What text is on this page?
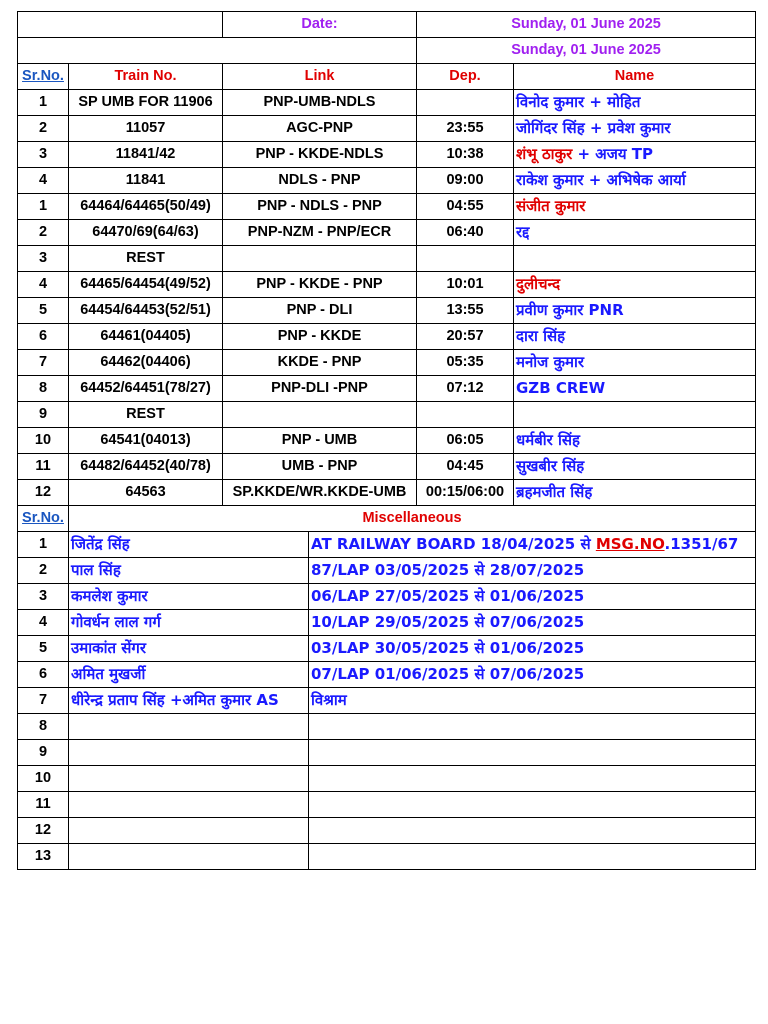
		Date:	Sunday, 01 June 2025	
			Sunday, 01 June 2025	
Sr.No.	Train No.	Link	Dep.	Name
1	SP UMB FOR 11906	PNP-UMB-NDLS		विनोद कुमार + मोहित
2	11057	AGC-PNP	23:55	जोगिंदर सिंह + प्रवेश कुमार
3	11841/42	PNP - KKDE-NDLS	10:38	शंभू ठाकुर + अजय TP
4	11841	NDLS - PNP	09:00	राकेश कुमार + अभिषेक आर्या
1	64464/64465(50/49)	PNP - NDLS - PNP	04:55	संजीत कुमार
2	64470/69(64/63)	PNP-NZM - PNP/ECR	06:40	रद्द
3	REST			
4	64465/64454(49/52)	PNP - KKDE - PNP	10:01	दुलीचन्द
5	64454/64453(52/51)	PNP - DLI	13:55	प्रवीण कुमार PNR
6	64461(04405)	PNP - KKDE	20:57	दारा सिंह
7	64462(04406)	KKDE - PNP	05:35	मनोज कुमार
8	64452/64451(78/27)	PNP-DLI -PNP	07:12	GZB CREW
9	REST			
10	64541(04013)	PNP - UMB	06:05	धर्मबीर सिंह
11	64482/64452(40/78)	UMB - PNP	04:45	सुखबीर सिंह
12	64563	SP.KKDE/WR.KKDE-UMB	00:15/06:00	ब्रहमजीत सिंह
Sr.No.	Miscellaneous	
1	जितेंद्र सिंह	AT RAILWAY BOARD 18/04/2025 से MSG.NO.1351/67
2	पाल सिंह	87/LAP 03/05/2025 से 28/07/2025
3	कमलेश कुमार	06/LAP 27/05/2025 से 01/06/2025
4	गोवर्धन लाल गर्ग	10/LAP 29/05/2025 से 07/06/2025
5	उमाकांत सेंगर	03/LAP 30/05/2025 से 01/06/2025
6	अमित मुखर्जी	07/LAP 01/06/2025 से 07/06/2025
7	धीरेन्द्र प्रताप सिंह +अमित कुमार AS	विश्राम
8		
9		
10		
11		
12		
13		
